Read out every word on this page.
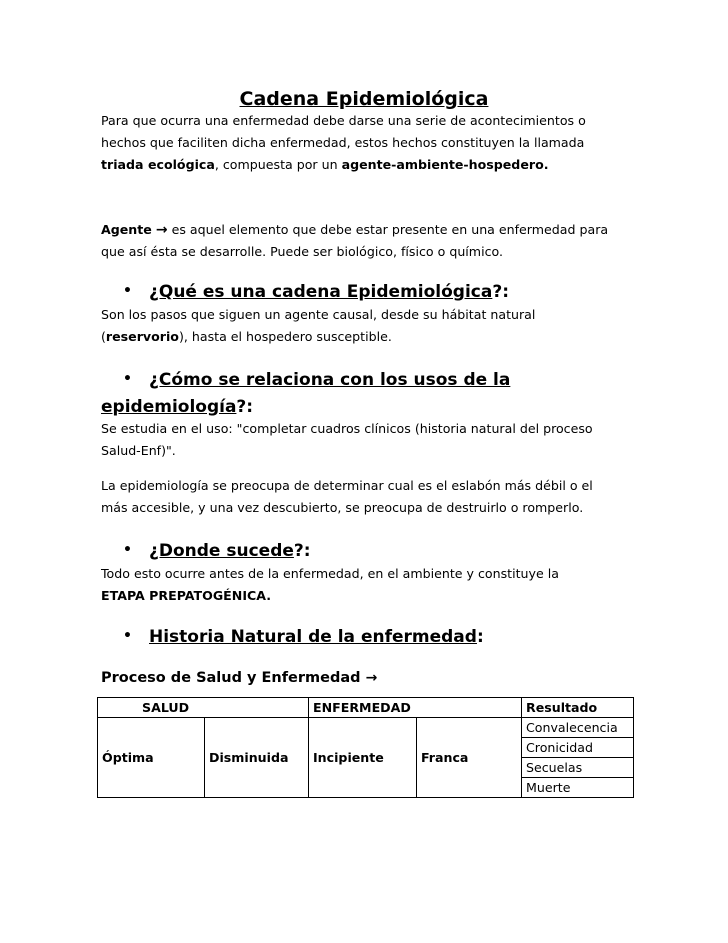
Cadena Epidemiológica
Para que ocurra una enfermedad debe darse una serie de acontecimientos o
hechos que faciliten dicha enfermedad, estos hechos constituyen la llamada
triada ecológica, compuesta por un agente-ambiente-hospedero.
Agente → es aquel elemento que debe estar presente en una enfermedad para
que así ésta se desarrolle. Puede ser biológico, físico o químico.
• ¿Qué es una cadena Epidemiológica?:
Son los pasos que siguen un agente causal, desde su hábitat natural
(reservorio), hasta el hospedero susceptible.
• ¿Cómo se relaciona con los usos de la
epidemiología?:
Se estudia en el uso: "completar cuadros clínicos (historia natural del proceso
Salud-Enf)".
La epidemiología se preocupa de determinar cual es el eslabón más débil o el
más accesible, y una vez descubierto, se preocupa de destruirlo o romperlo.
• ¿Donde sucede?:
Todo esto ocurre antes de la enfermedad, en el ambiente y constituye la
ETAPA PREPATOGÉNICA.
• Historia Natural de la enfermedad:
Proceso de Salud y Enfermedad →
SALUD		ENFERMEDAD		Resultado
Óptima	Disminuida	Incipiente	Franca	Convalecencia
				Cronicidad
				Secuelas
				Muerte
